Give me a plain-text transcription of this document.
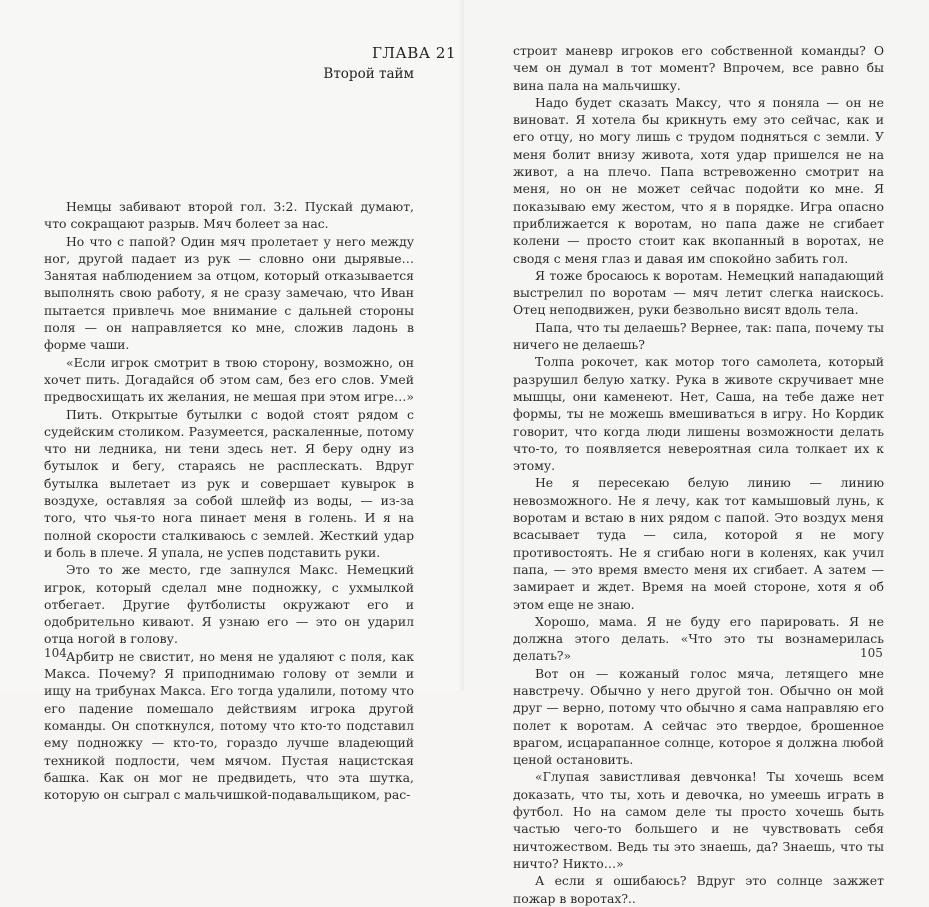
ГЛАВА 21
Второй тайм

Немцы забивают второй гол. 3:2. Пускай думают, что сокращают разрыв. Мяч болеет за нас.

Но что с папой? Один мяч пролетает у него между ног, другой падает из рук — словно они дырявые… Занятая наблюдением за отцом, который отказывается выполнять свою работу, я не сразу замечаю, что Иван пытается привлечь мое внимание с дальней стороны поля — он направляется ко мне, сложив ладонь в форме чаши.

«Если игрок смотрит в твою сторону, возможно, он хочет пить. Догадайся об этом сам, без его слов. Умей предвосхищать их желания, не мешая при этом игре…»

Пить. Открытые бутылки с водой стоят рядом с судейским столиком. Разумеется, раскаленные, потому что ни ледника, ни тени здесь нет. Я беру одну из бутылок и бегу, стараясь не расплескать. Вдруг бутылка вылетает из рук и совершает кувырок в воздухе, оставляя за собой шлейф из воды, — из-за того, что чья-то нога пинает меня в голень. И я на полной скорости сталкиваюсь с землей. Жесткий удар и боль в плече. Я упала, не успев подставить руки.

Это то же место, где запнулся Макс. Немецкий игрок, который сделал мне подножку, с ухмылкой отбегает. Другие футболисты окружают его и одобрительно кивают. Я узнаю его — это он ударил отца ногой в голову.

Арбитр не свистит, но меня не удаляют с поля, как Макса. Почему? Я приподнимаю голову от земли и ищу на трибунах Макса. Его тогда удалили, потому что его падение помешало действиям игрока другой команды. Он споткнулся, потому что кто-то подставил ему подножку — кто-то, гораздо лучше владеющий техникой подлости, чем мячом. Пустая нацистская башка. Как он мог не предвидеть, что эта шутка, которую он сыграл с мальчишкой-подавальщиком, рас-

104

строит маневр игроков его собственной команды? О чем он думал в тот момент? Впрочем, все равно бы вина пала на мальчишку.

Надо будет сказать Максу, что я поняла — он не виноват. Я хотела бы крикнуть ему это сейчас, как и его отцу, но могу лишь с трудом подняться с земли. У меня болит внизу живота, хотя удар пришелся не на живот, а на плечо. Папа встревоженно смотрит на меня, но он не может сейчас подойти ко мне. Я показываю ему жестом, что я в порядке. Игра опасно приближается к воротам, но папа даже не сгибает колени — просто стоит как вкопанный в воротах, не сводя с меня глаз и давая им спокойно забить гол.

Я тоже бросаюсь к воротам. Немецкий нападающий выстрелил по воротам — мяч летит слегка наискось. Отец неподвижен, руки безвольно висят вдоль тела.

Папа, что ты делаешь? Вернее, так: папа, почему ты ничего не делаешь?

Толпа рокочет, как мотор того самолета, который разрушил белую хатку. Рука в животе скручивает мне мышцы, они каменеют. Нет, Саша, на тебе даже нет формы, ты не можешь вмешиваться в игру. Но Кордик говорит, что когда люди лишены возможности делать что-то, то появляется невероятная сила толкает их к этому.

Не я пересекаю белую линию — линию невозможного. Не я лечу, как тот камышовый лунь, к воротам и встаю в них рядом с папой. Это воздух меня всасывает туда — сила, которой я не могу противостоять. Не я сгибаю ноги в коленях, как учил папа, — это время вместо меня их сгибает. А затем — замирает и ждет. Время на моей стороне, хотя я об этом еще не знаю.

Хорошо, мама. Я не буду его парировать. Я не должна этого делать. «Что это ты вознамерилась делать?»

Вот он — кожаный голос мяча, летящего мне навстречу. Обычно у него другой тон. Обычно он мой друг — верно, потому что обычно я сама направляю его полет к воротам. А сейчас это твердое, брошенное врагом, исцарапанное солнце, которое я должна любой ценой остановить.

«Глупая завистливая девчонка! Ты хочешь всем доказать, что ты, хоть и девочка, но умеешь играть в футбол. Но на самом деле ты просто хочешь быть частью чего-то большего и не чувствовать себя ничтожеством. Ведь ты это знаешь, да? Знаешь, что ты ничто? Никто…»

А если я ошибаюсь? Вдруг это солнце зажжет пожар в воротах?..

105
